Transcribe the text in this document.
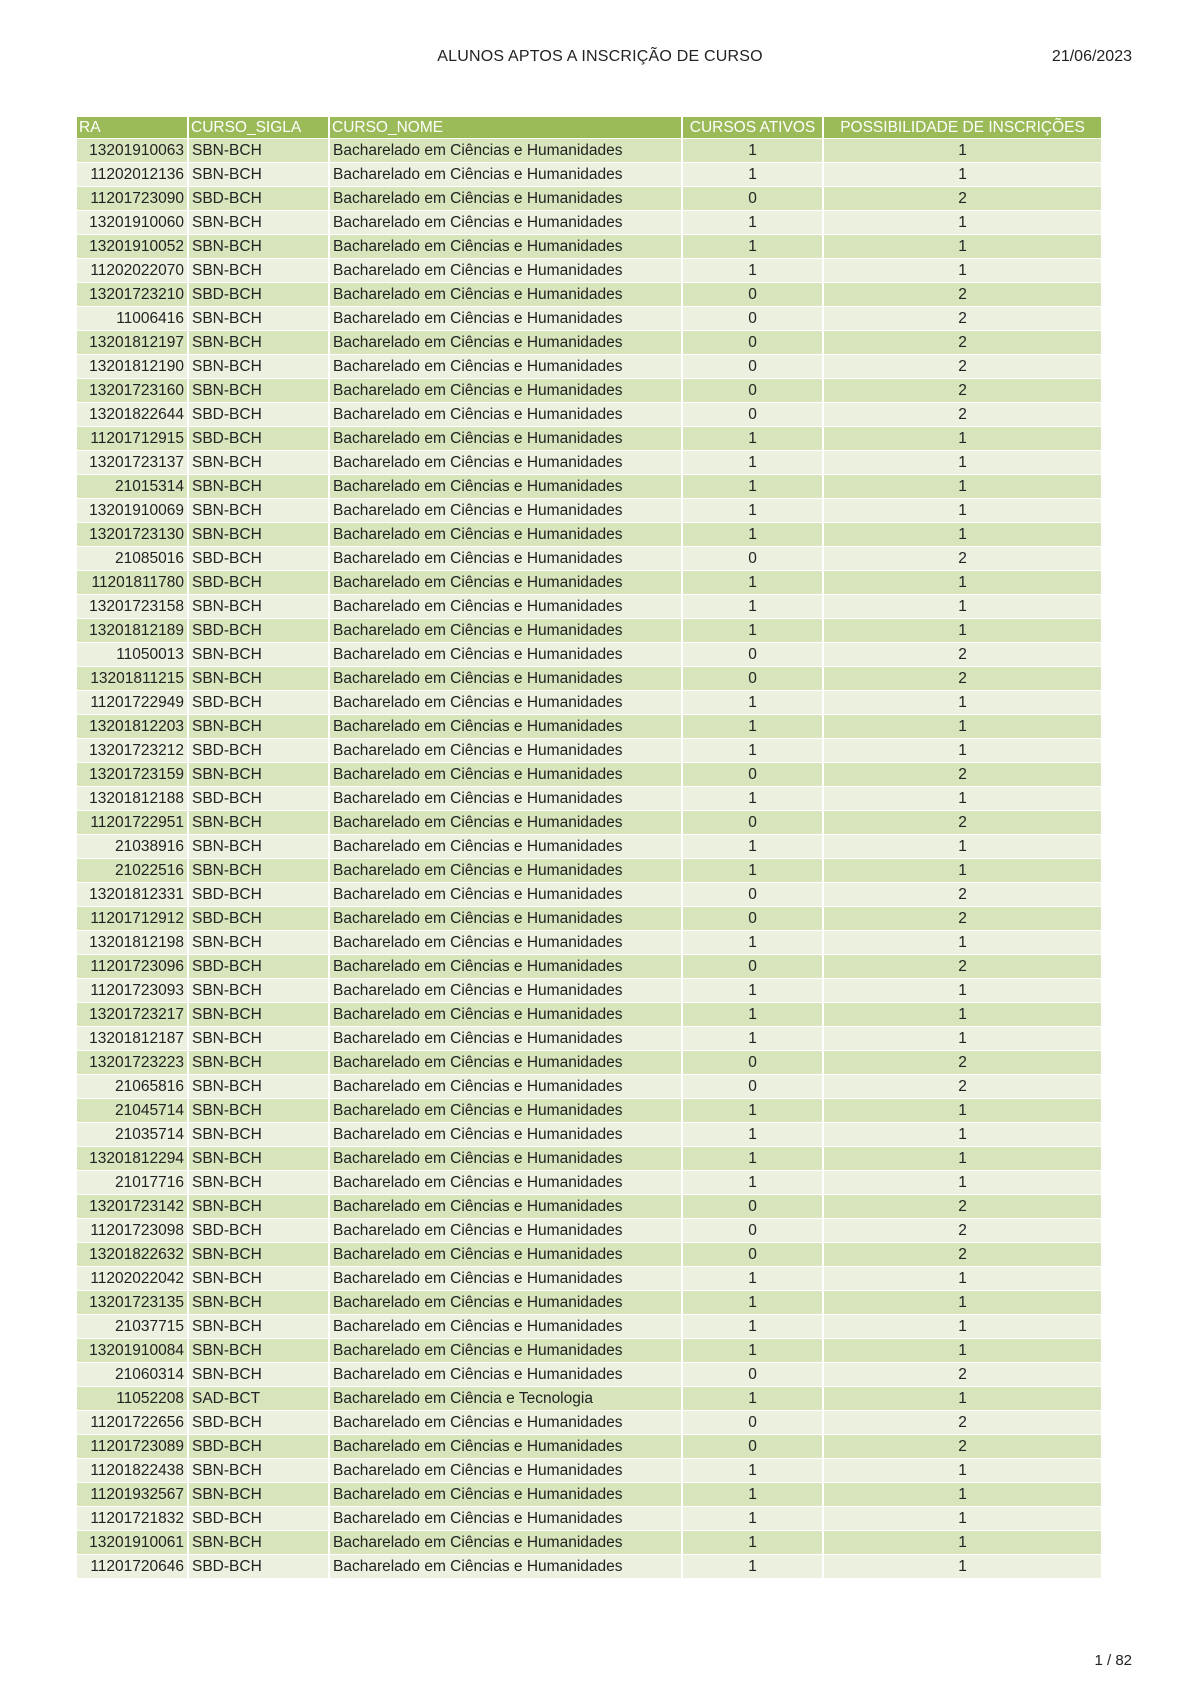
ALUNOS APTOS A INSCRIÇÃO DE CURSO	21/06/2023
RA	CURSO_SIGLA	CURSO_NOME	CURSOS ATIVOS	POSSIBILIDADE DE INSCRIÇÕES
13201910063	SBN-BCH	Bacharelado em Ciências e Humanidades	1	1
11202012136	SBN-BCH	Bacharelado em Ciências e Humanidades	1	1
11201723090	SBD-BCH	Bacharelado em Ciências e Humanidades	0	2
13201910060	SBN-BCH	Bacharelado em Ciências e Humanidades	1	1
13201910052	SBN-BCH	Bacharelado em Ciências e Humanidades	1	1
11202022070	SBN-BCH	Bacharelado em Ciências e Humanidades	1	1
13201723210	SBD-BCH	Bacharelado em Ciências e Humanidades	0	2
11006416	SBN-BCH	Bacharelado em Ciências e Humanidades	0	2
13201812197	SBN-BCH	Bacharelado em Ciências e Humanidades	0	2
13201812190	SBN-BCH	Bacharelado em Ciências e Humanidades	0	2
13201723160	SBN-BCH	Bacharelado em Ciências e Humanidades	0	2
13201822644	SBD-BCH	Bacharelado em Ciências e Humanidades	0	2
11201712915	SBD-BCH	Bacharelado em Ciências e Humanidades	1	1
13201723137	SBN-BCH	Bacharelado em Ciências e Humanidades	1	1
21015314	SBN-BCH	Bacharelado em Ciências e Humanidades	1	1
13201910069	SBN-BCH	Bacharelado em Ciências e Humanidades	1	1
13201723130	SBN-BCH	Bacharelado em Ciências e Humanidades	1	1
21085016	SBD-BCH	Bacharelado em Ciências e Humanidades	0	2
11201811780	SBD-BCH	Bacharelado em Ciências e Humanidades	1	1
13201723158	SBN-BCH	Bacharelado em Ciências e Humanidades	1	1
13201812189	SBD-BCH	Bacharelado em Ciências e Humanidades	1	1
11050013	SBN-BCH	Bacharelado em Ciências e Humanidades	0	2
13201811215	SBN-BCH	Bacharelado em Ciências e Humanidades	0	2
11201722949	SBD-BCH	Bacharelado em Ciências e Humanidades	1	1
13201812203	SBN-BCH	Bacharelado em Ciências e Humanidades	1	1
13201723212	SBD-BCH	Bacharelado em Ciências e Humanidades	1	1
13201723159	SBN-BCH	Bacharelado em Ciências e Humanidades	0	2
13201812188	SBD-BCH	Bacharelado em Ciências e Humanidades	1	1
11201722951	SBN-BCH	Bacharelado em Ciências e Humanidades	0	2
21038916	SBN-BCH	Bacharelado em Ciências e Humanidades	1	1
21022516	SBN-BCH	Bacharelado em Ciências e Humanidades	1	1
13201812331	SBD-BCH	Bacharelado em Ciências e Humanidades	0	2
11201712912	SBD-BCH	Bacharelado em Ciências e Humanidades	0	2
13201812198	SBN-BCH	Bacharelado em Ciências e Humanidades	1	1
11201723096	SBD-BCH	Bacharelado em Ciências e Humanidades	0	2
11201723093	SBN-BCH	Bacharelado em Ciências e Humanidades	1	1
13201723217	SBN-BCH	Bacharelado em Ciências e Humanidades	1	1
13201812187	SBN-BCH	Bacharelado em Ciências e Humanidades	1	1
13201723223	SBN-BCH	Bacharelado em Ciências e Humanidades	0	2
21065816	SBN-BCH	Bacharelado em Ciências e Humanidades	0	2
21045714	SBN-BCH	Bacharelado em Ciências e Humanidades	1	1
21035714	SBN-BCH	Bacharelado em Ciências e Humanidades	1	1
13201812294	SBN-BCH	Bacharelado em Ciências e Humanidades	1	1
21017716	SBN-BCH	Bacharelado em Ciências e Humanidades	1	1
13201723142	SBN-BCH	Bacharelado em Ciências e Humanidades	0	2
11201723098	SBD-BCH	Bacharelado em Ciências e Humanidades	0	2
13201822632	SBN-BCH	Bacharelado em Ciências e Humanidades	0	2
11202022042	SBN-BCH	Bacharelado em Ciências e Humanidades	1	1
13201723135	SBN-BCH	Bacharelado em Ciências e Humanidades	1	1
21037715	SBN-BCH	Bacharelado em Ciências e Humanidades	1	1
13201910084	SBN-BCH	Bacharelado em Ciências e Humanidades	1	1
21060314	SBN-BCH	Bacharelado em Ciências e Humanidades	0	2
11052208	SAD-BCT	Bacharelado em Ciência e Tecnologia	1	1
11201722656	SBD-BCH	Bacharelado em Ciências e Humanidades	0	2
11201723089	SBD-BCH	Bacharelado em Ciências e Humanidades	0	2
11201822438	SBN-BCH	Bacharelado em Ciências e Humanidades	1	1
11201932567	SBN-BCH	Bacharelado em Ciências e Humanidades	1	1
11201721832	SBD-BCH	Bacharelado em Ciências e Humanidades	1	1
13201910061	SBN-BCH	Bacharelado em Ciências e Humanidades	1	1
11201720646	SBD-BCH	Bacharelado em Ciências e Humanidades	1	1
1 / 82
